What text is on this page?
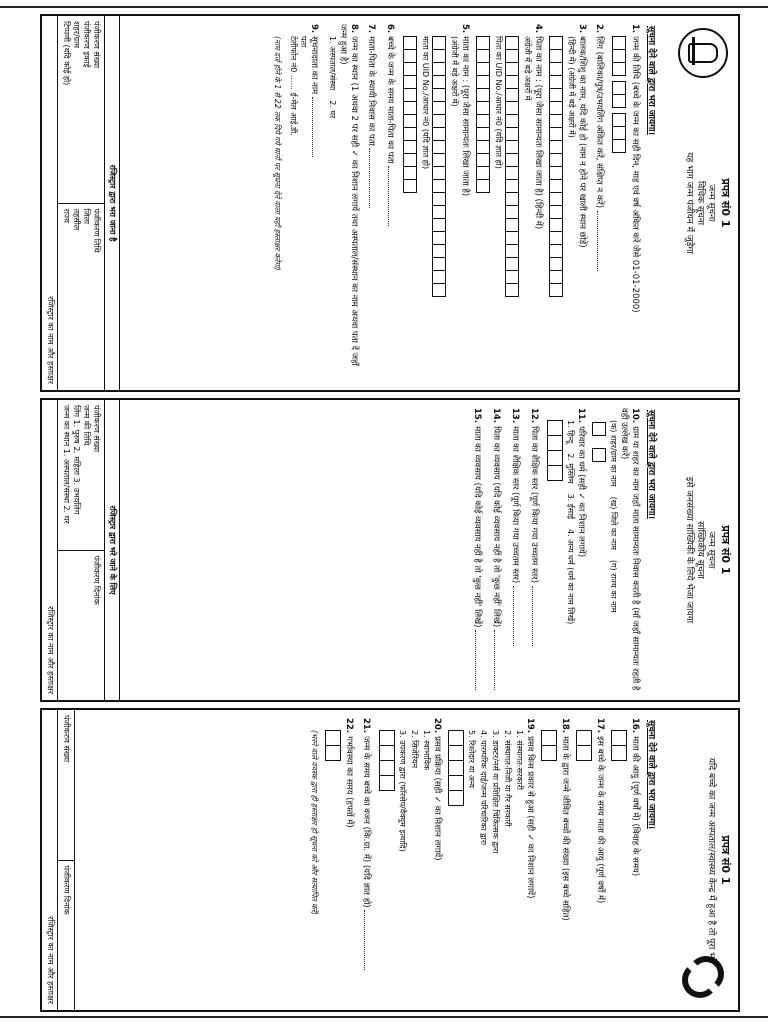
प्रपत्र सं0 1
जन्म सूचना
विधिक सूचना
यह भाग जन्म पंजीयन में जुड़ेगा
सूचना देने वाले द्वारा भरा जायगा।
1.जन्म की तिथि (बच्चे के जन्म का सही दिन, माह एवं वर्ष अंकित करें जैसे 01-01-2000)
2.लिंग (बालिका/पुत्र/उभयलिंग अंकित करें, संक्षिप्त न करें)
3.बालक/शिशु का नाम, यदि कोई हो (नाम न होने पर खाली स्थान छोड़ें)
(हिन्दी में) (अंग्रेजी में बड़े अक्षरों में)
4.पिता का नाम : (पूरा जैसा सामान्यतः लिखा जाता है) (हिन्दी में)
अंग्रेजी में बड़े अक्षरों में
पिता का UID No./आधार नं0 (यदि ज्ञात हो)
5.माता का नाम : (पूरा जैसा सामान्यतः लिखा जाता है)
(अंग्रेजी में बड़े अक्षरों में)
माता का UID No./आधार नं0 (यदि ज्ञात हो)
6.बच्चे के जन्म के समय माता-पिता का पता
7.माता-पिता के स्थायी निवास का पता
8.जन्म का स्थान (1 अथवा 2 पर सही ✓ का निशान लगायें तथा अस्पताल/संस्थान का नाम अथवा पता दें जहाँ जन्म हुआ है)
1. अस्पताल/संस्था
2. घर
9.सूचनादाता का नाम
पता
टेलीफोन नं0 ...... ई-मेल आई.डी.
(नाम दर्ज होने के 1 से 22 तक दिये गये मानों पर सूचना देने वाला यहाँ हस्ताक्षर करेगा)
रजिस्ट्रार द्वारा भरा जाना है
पंजीकरण संख्या
पंजीकरण इकाई
शहर/ग्राम
टिप्पणी (यदि कोई हो)
पंजीकरण तिथि
जिला
तहसील
राज्य
रजिस्ट्रार का नाम और हस्ताक्षर
प्रपत्र सं0 1
जन्म सूचना
सांख्यिकीय सूचना
इसे जनसंख्या सांख्यिकी के लिये भेजा जायगा
सूचना देने वाले द्वारा भरा जायगा।
10.ग्राम या शहर का नाम जहाँ माता सामान्यतः निवास करती है (माँ जहाँ सामान्यतः रहती है वही उल्लेख करें)
(क) शहर/ग्राम का नाम
(ख) जिले का नाम
(ग) राज्य का नाम
11.परिवार का धर्म (सही ✓ का निशान लगायें)
1. हिन्दू
2. मुस्लिम
3. ईसाई
4. अन्य धर्म (धर्म का नाम लिखें)
12.पिता का शैक्षिक स्तर (पूर्ण किया गया उच्चतम स्तर)
13.माता का शैक्षिक स्तर (पूर्ण किया गया उच्चतम स्तर)
14.पिता का व्यवसाय (यदि कोई व्यवसाय नहीं है तो 'कुछ नहीं' लिखें)
15.माता का व्यवसाय (यदि कोई व्यवसाय नहीं है तो 'कुछ नहीं' लिखें)
रजिस्ट्रार द्वारा भरे जाने के लिए
पंजीकरण संख्या
जन्म की तिथि
लिंग 1. पुरुष 2. महिला 3. उभयलिंग
जन्म का स्थान 1. अस्पताल/संस्था 2. घर
पंजीकरण दिनांक
रजिस्ट्रार का नाम और हस्ताक्षर
प्रपत्र सं0 1
यदि बच्चे का जन्म अस्पताल/स्वास्थ्य केन्द्र में हुआ है तो पूरा भरें
सूचना देने वाले द्वारा भरा जायगा।
16.माता की आयु (पूर्ण वर्षों में) (विवाह के समय)
17.इस बच्चे के जन्म के समय माता की आयु (पूर्ण वर्षों में)
18.माता के द्वारा जन्मे जीवित बच्चों की संख्या (इस बच्चे सहित)
19.प्रसव किस प्रकार से हुआ (सही ✓ का निशान लगायें)
1. संस्थागत-सरकारी
2. संस्थागत-निजी या गैर सरकारी
3. डाक्टर/नर्स या प्रशिक्षित चिकित्सक द्वारा
4. पारम्परिक दाई/जन्म परिचारिका द्वारा
5. रिश्तेदार या अन्य
20.प्रसव प्रक्रिया (सही ✓ का निशान लगायें)
1. स्वाभाविक
2. सिजेरियन
3. उपकरण द्वारा (फॉरसेप/वैक्यूम इत्यादि)
21.जन्म के समय बच्चे का वजन (कि.ग्रा. में) (यदि ज्ञात हो)
22.गर्भावस्था का समय (हफ्तों में)
(भरने वाले वयस्क द्वारा ही हस्ताक्षर हो सूचना को और सत्यापित करें)
पंजीकरण संख्या
पंजीकरण दिनांक
रजिस्ट्रार का नाम और हस्ताक्षर
